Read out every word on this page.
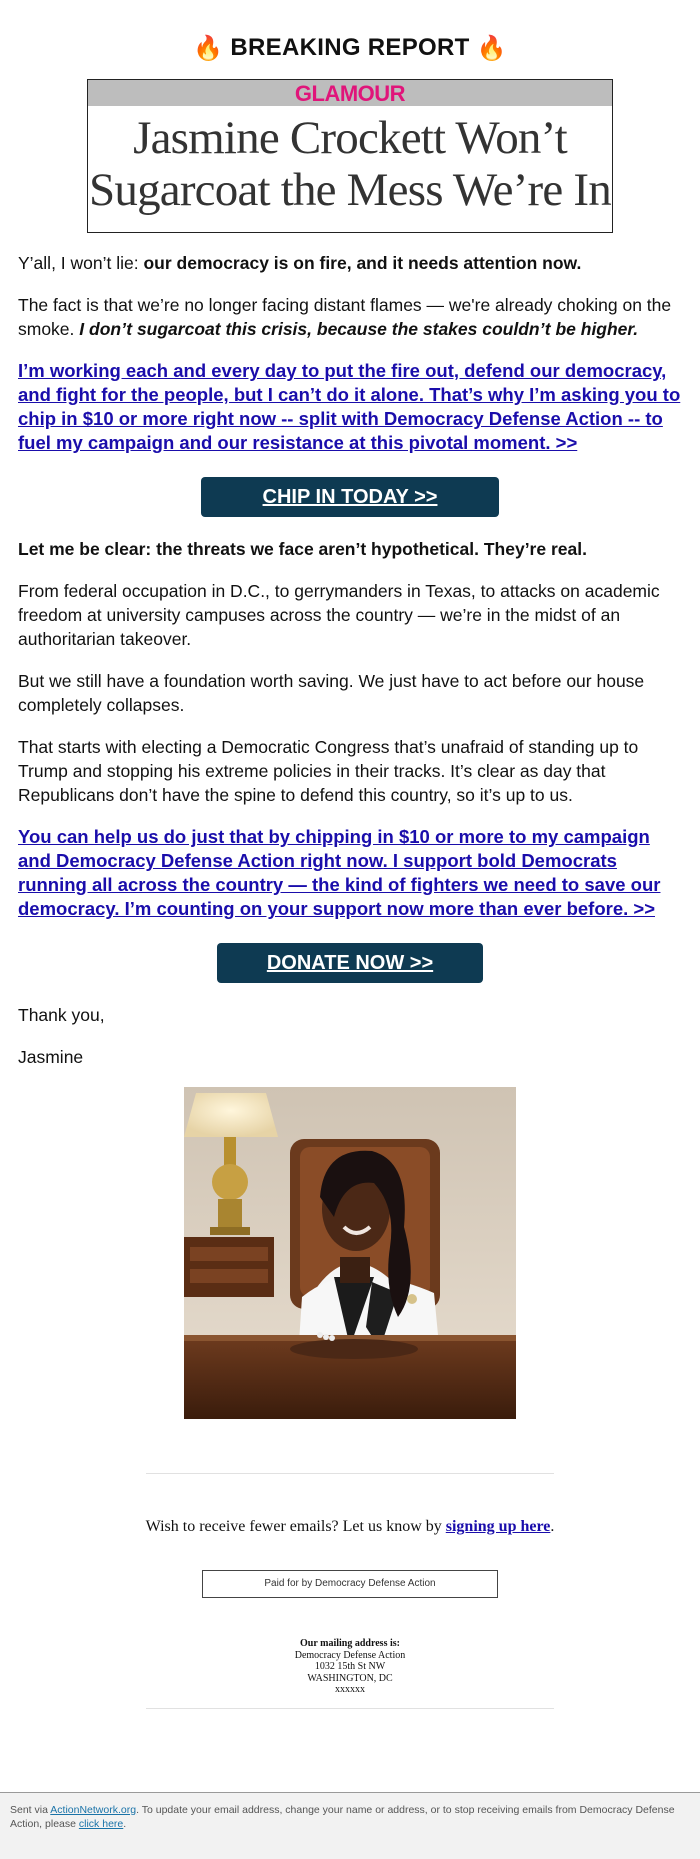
🔥 BREAKING REPORT 🔥
GLAMOUR
Jasmine Crockett Won’t
Sugarcoat the Mess We’re In

Y’all, I won’t lie: our democracy is on fire, and it needs attention now.

The fact is that we’re no longer facing distant flames — we're already choking on the smoke. I don’t sugarcoat this crisis, because the stakes couldn’t be higher.

I’m working each and every day to put the fire out, defend our democracy, and fight for the people, but I can’t do it alone. That’s why I’m asking you to chip in $10 or more right now -- split with Democracy Defense Action -- to fuel my campaign and our resistance at this pivotal moment. >>
CHIP IN TODAY >>

Let me be clear: the threats we face aren’t hypothetical. They’re real.

From federal occupation in D.C., to gerrymanders in Texas, to attacks on academic freedom at university campuses across the country — we’re in the midst of an authoritarian takeover.

But we still have a foundation worth saving. We just have to act before our house completely collapses.

That starts with electing a Democratic Congress that’s unafraid of standing up to Trump and stopping his extreme policies in their tracks. It’s clear as day that Republicans don’t have the spine to defend this country, so it’s up to us.

You can help us do just that by chipping in $10 or more to my campaign and Democracy Defense Action right now. I support bold Democrats running all across the country — the kind of fighters we need to save our democracy. I’m counting on your support now more than ever before. >>
DONATE NOW >>

Thank you,

Jasmine

Wish to receive fewer emails? Let us know by signing up here.
Paid for by Democracy Defense Action
Our mailing address is:
Democracy Defense Action
1032 15th St NW
WASHINGTON, DC
xxxxxx
Sent via ActionNetwork.org. To update your email address, change your name or address, or to stop receiving emails from Democracy Defense Action, please click here.
